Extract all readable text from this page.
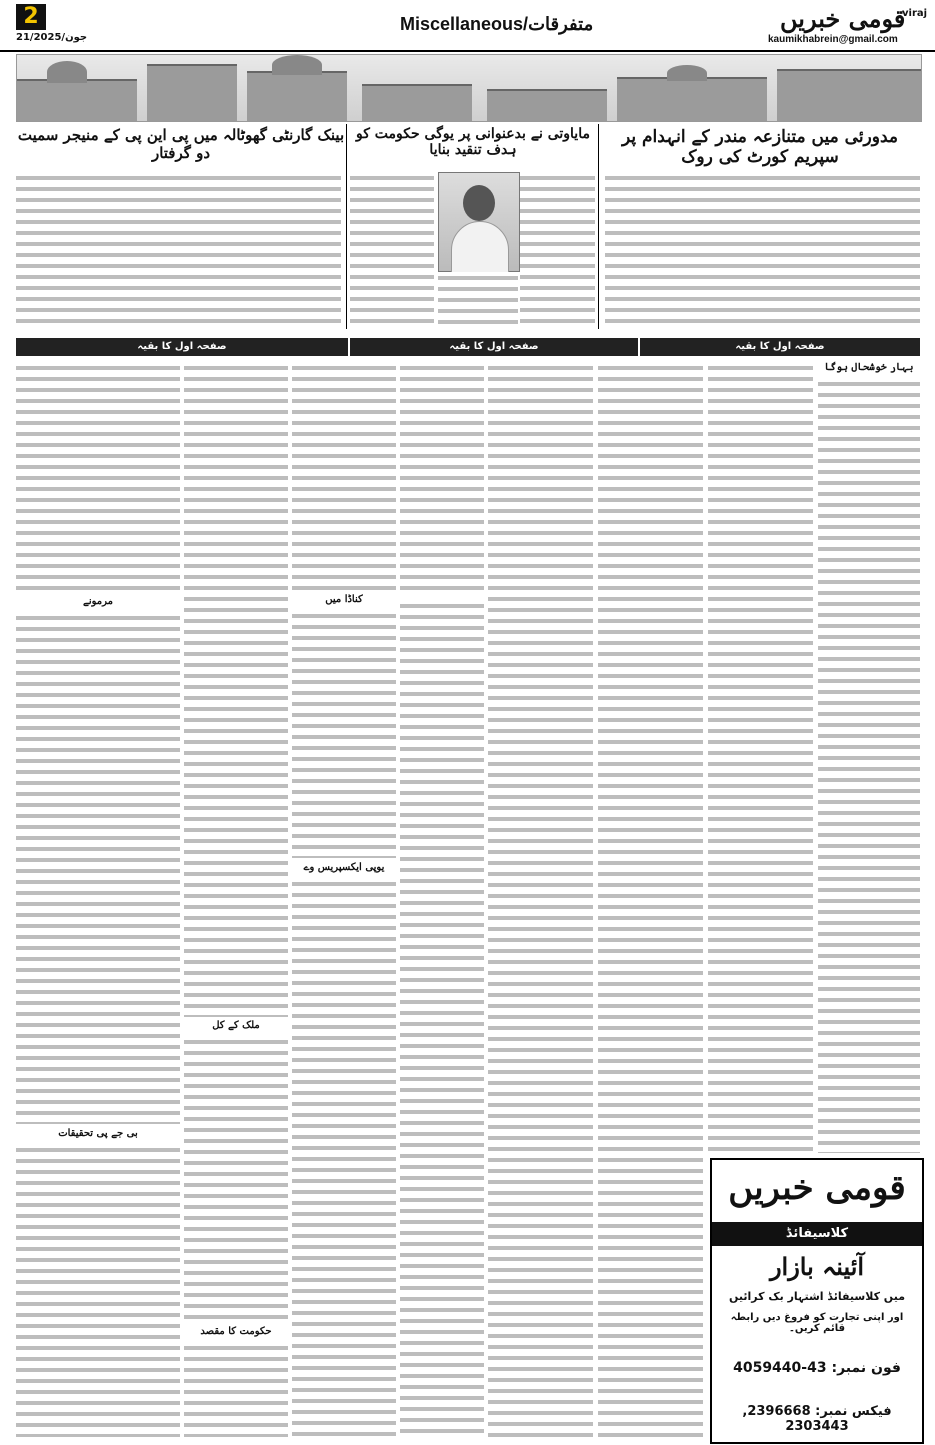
2
21/جون/2025
Miscellaneous/متفرقات	قومی خبریں
viraj
kaumikhabrein@gmail.com
مدورئی میں متنازعہ مندر کے انہدام پر سپریم کورٹ کی روک
مایاوتی نے بدعنوانی پر یوگی حکومت کو ہدف تنقید بنایا
بینک گارنٹی گھوٹالہ میں پی این پی کے منیجر سمیت دو گرفتار
صفحہ اول کا بقیہ
صفحہ اول کا بقیہ
صفحہ اول کا بقیہ
بہار خوشحال ہوگا
کناڈا میں
یوپی ایکسپریس وے
ملک کے کل
حکومت کا مقصد
مرمونے
بی جے پی تحقیقات
قومی خبریں
کلاسیفائڈ
آئینہ بازار
میں کلاسیفائڈ اشتہار بک کرائیں
اور اپنی تجارت کو فروغ دیں رابطہ قائم کریں۔
فون نمبر: 43-4059440
فیکس نمبر: 2396668, 2303443
